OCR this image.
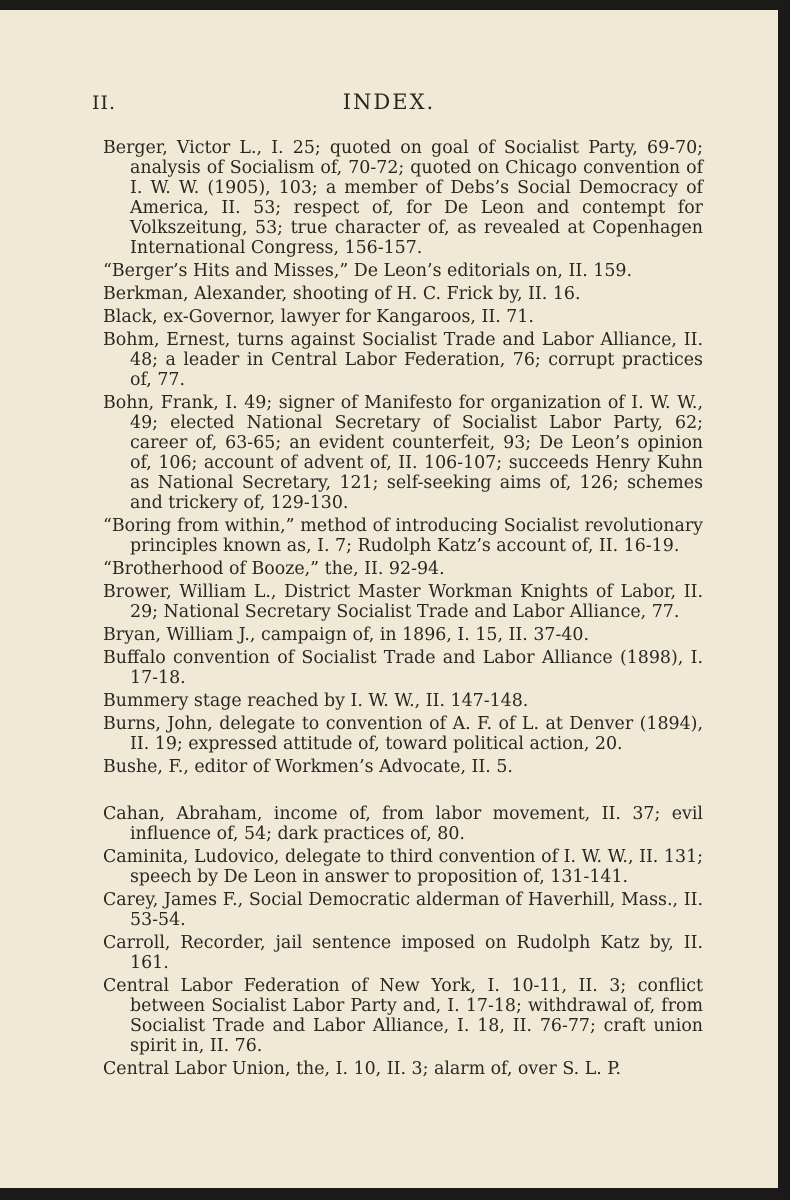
II.	INDEX.
Berger, Victor L., I. 25; quoted on goal of Socialist Party, 69-70; analysis of Socialism of, 70-72; quoted on Chicago convention of I. W. W. (1905), 103; a member of Debs’s Social Democracy of America, II. 53; respect of, for De Leon and contempt for Volkszeitung, 53; true character of, as revealed at Copenhagen International Congress, 156-157.
“Berger’s Hits and Misses,” De Leon’s editorials on, II. 159.
Berkman, Alexander, shooting of H. C. Frick by, II. 16.
Black, ex-Governor, lawyer for Kangaroos, II. 71.
Bohm, Ernest, turns against Socialist Trade and Labor Alliance, II. 48; a leader in Central Labor Federation, 76; corrupt practices of, 77.
Bohn, Frank, I. 49; signer of Manifesto for organization of I. W. W., 49; elected National Secretary of Socialist Labor Party, 62; career of, 63-65; an evident counterfeit, 93; De Leon’s opinion of, 106; account of advent of, II. 106-107; succeeds Henry Kuhn as National Secretary, 121; self-seeking aims of, 126; schemes and trickery of, 129-130.
“Boring from within,” method of introducing Socialist revolutionary principles known as, I. 7; Rudolph Katz’s account of, II. 16-19.
“Brotherhood of Booze,” the, II. 92-94.
Brower, William L., District Master Workman Knights of Labor, II. 29; National Secretary Socialist Trade and Labor Alliance, 77.
Bryan, William J., campaign of, in 1896, I. 15, II. 37-40.
Buffalo convention of Socialist Trade and Labor Alliance (1898), I. 17-18.
Bummery stage reached by I. W. W., II. 147-148.
Burns, John, delegate to convention of A. F. of L. at Denver (1894), II. 19; expressed attitude of, toward political action, 20.
Bushe, F., editor of Workmen’s Advocate, II. 5.
Cahan, Abraham, income of, from labor movement, II. 37; evil influence of, 54; dark practices of, 80.
Caminita, Ludovico, delegate to third convention of I. W. W., II. 131; speech by De Leon in answer to proposition of, 131-141.
Carey, James F., Social Democratic alderman of Haverhill, Mass., II. 53-54.
Carroll, Recorder, jail sentence imposed on Rudolph Katz by, II. 161.
Central Labor Federation of New York, I. 10-11, II. 3; conflict between Socialist Labor Party and, I. 17-18; withdrawal of, from Socialist Trade and Labor Alliance, I. 18, II. 76-77; craft union spirit in, II. 76.
Central Labor Union, the, I. 10, II. 3; alarm of, over S. L. P.
